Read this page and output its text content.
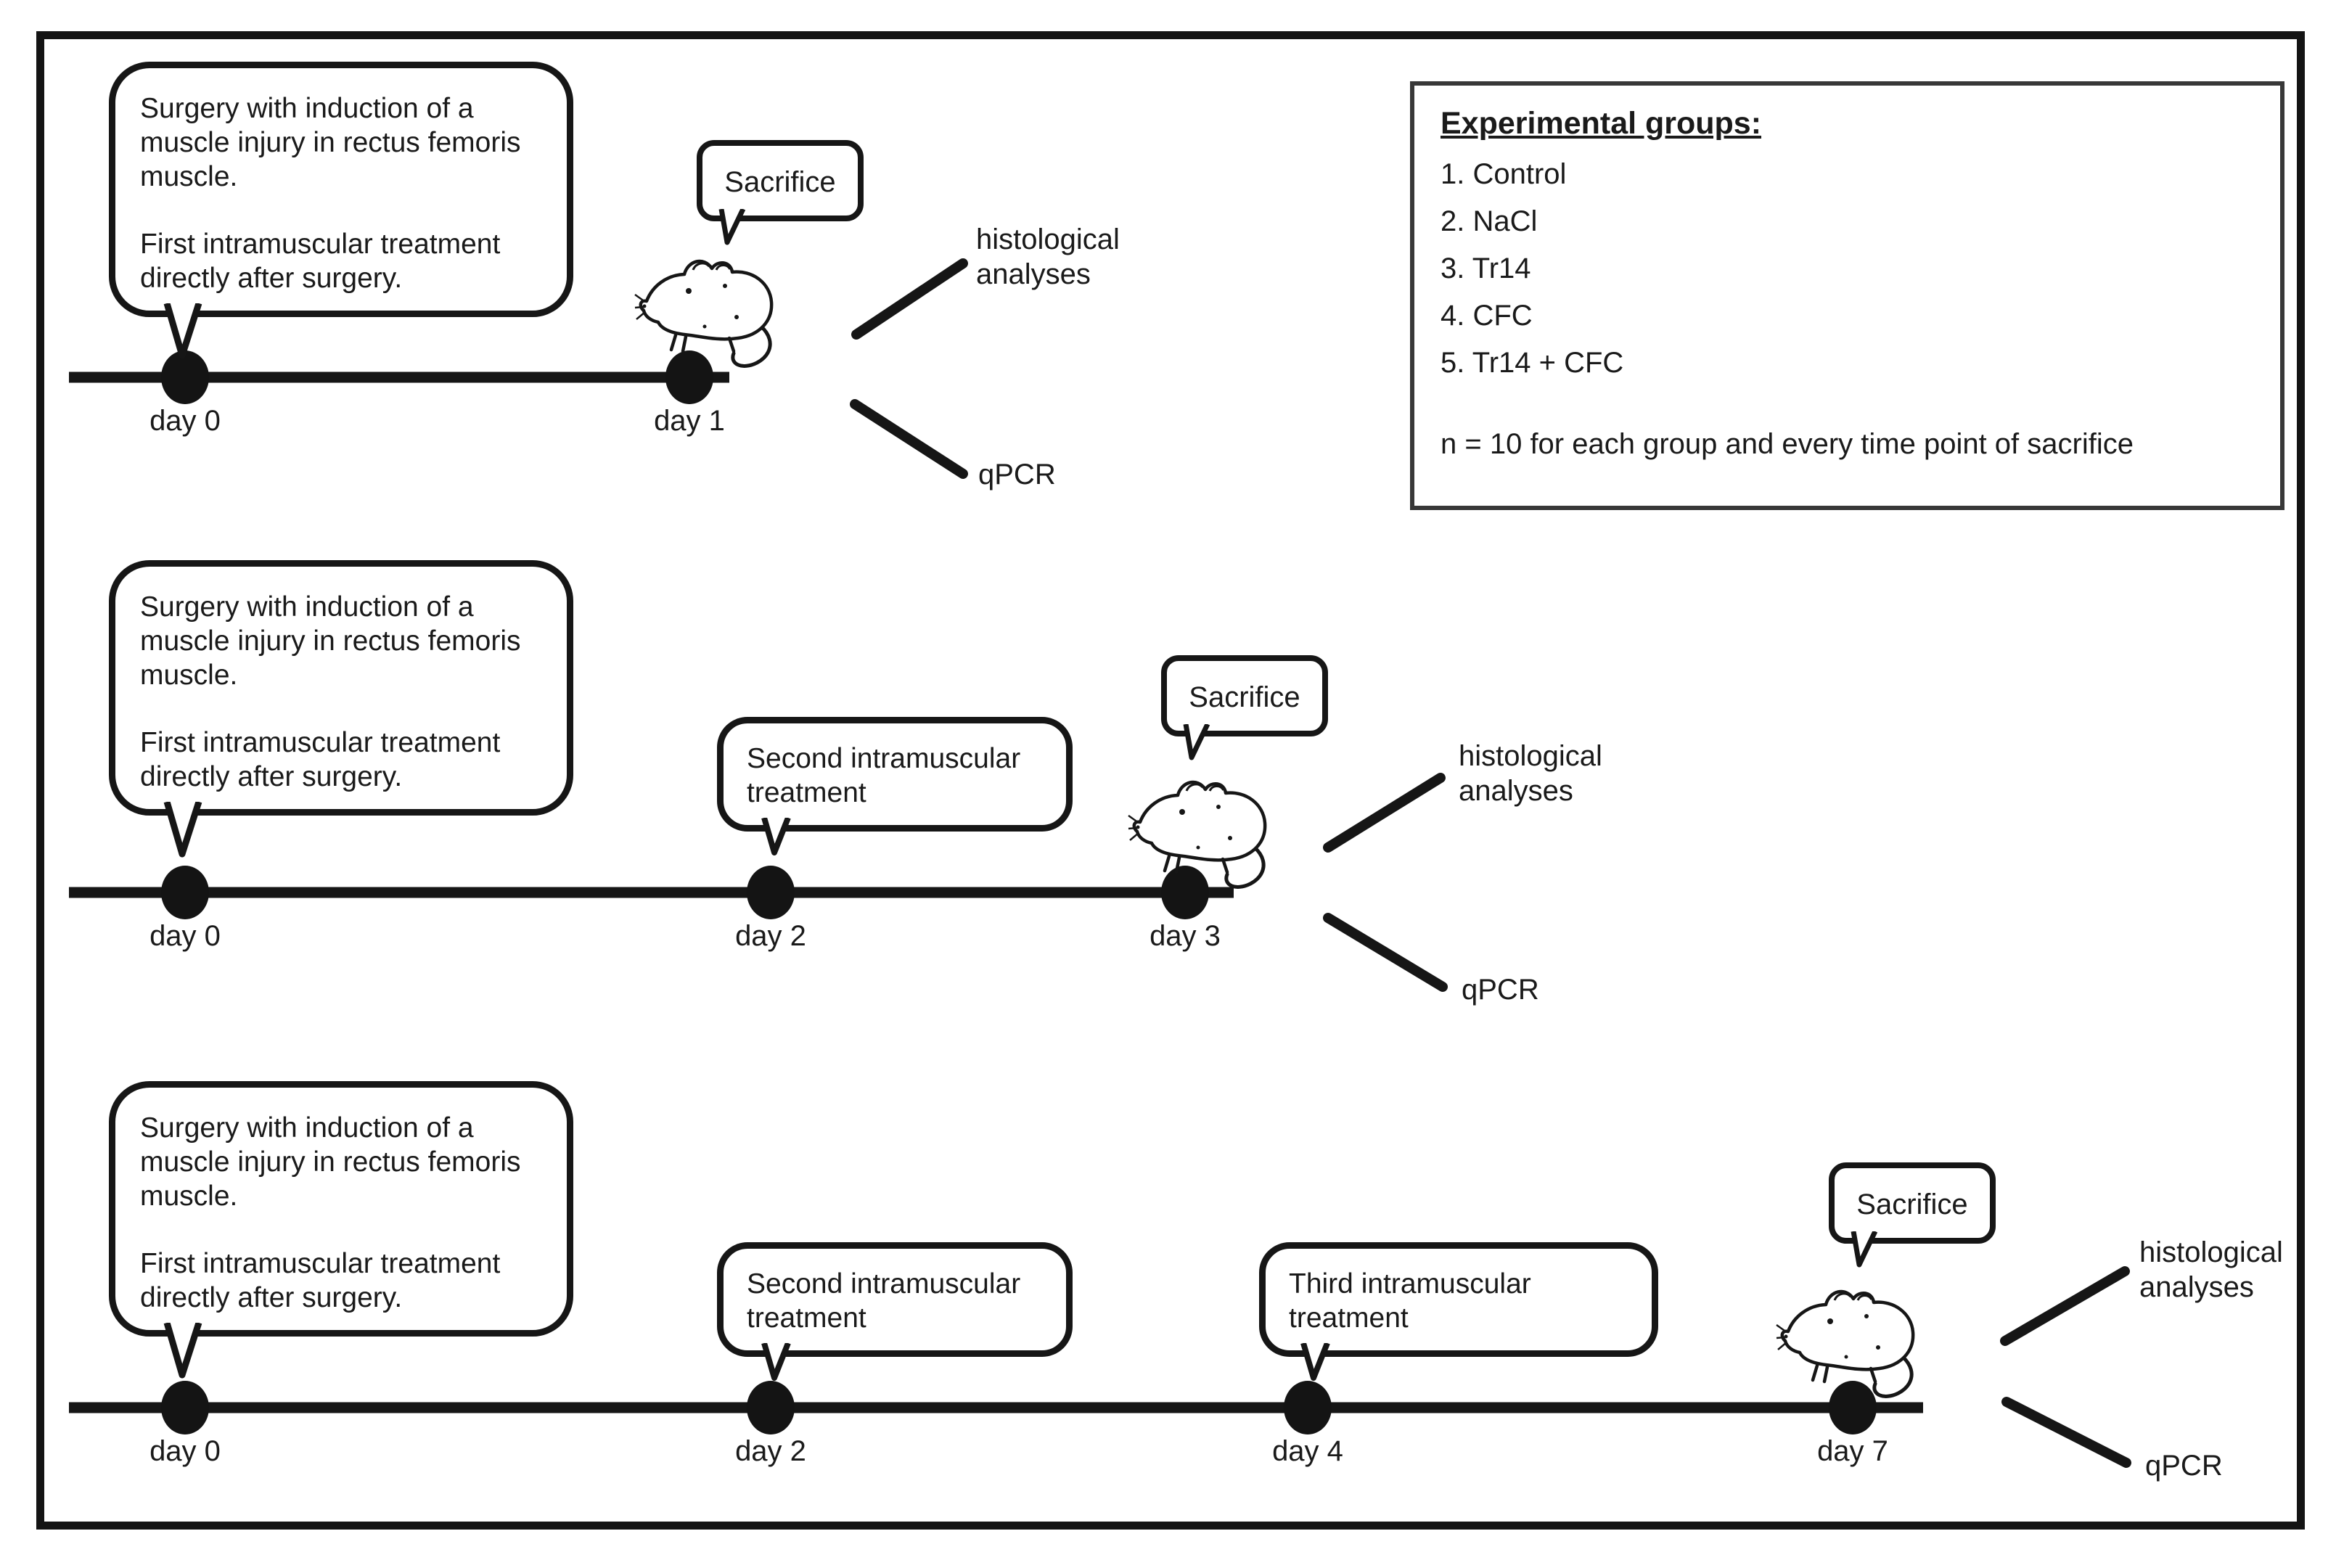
Surgery with induction of a muscle injury in rectus femoris muscle.
First intramuscular treatment directly after surgery.
Sacrifice
day 0	day 1
histological
analyses
qPCR
Experimental groups:
1. Control
2. NaCl
3. Tr14
4. CFC
5. Tr14 + CFC
n = 10 for each group and every time point of sacrifice
Surgery with induction of a muscle injury in rectus femoris muscle.
First intramuscular treatment directly after surgery.
Second intramuscular treatment
Sacrifice
day 0	day 2	day 3
histological
analyses
qPCR
Surgery with induction of a muscle injury in rectus femoris muscle.
First intramuscular treatment directly after surgery.	Second intramuscular treatment
Third intramuscular treatment
Sacrifice
day 0	day 2	day 4	day 7
histological
analyses
qPCR
